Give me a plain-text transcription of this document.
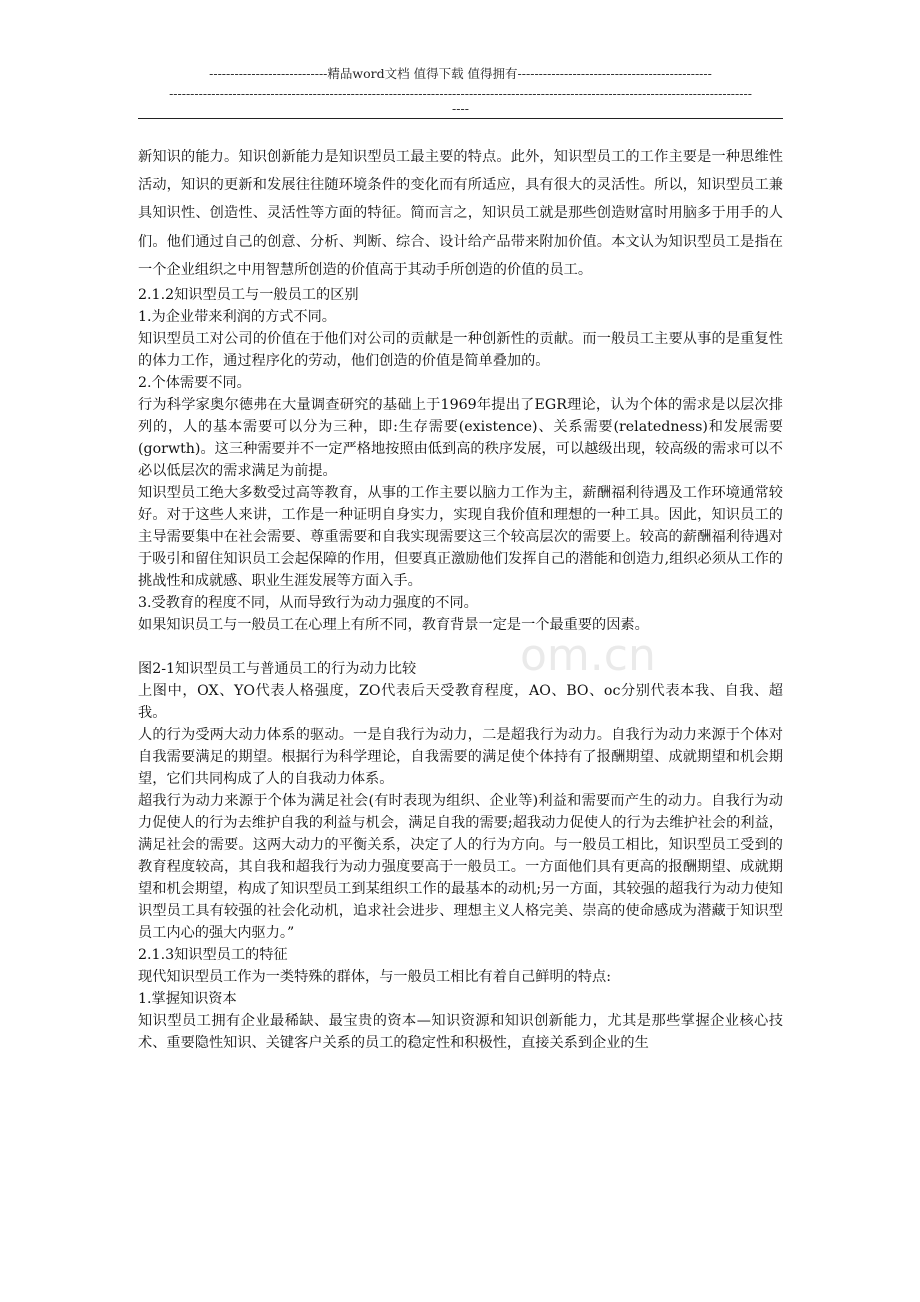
----------------------------精品word文档 值得下载 值得拥有----------------------------------------------
------------------------------------------------------------------------------------------------------------------------------------------
----
om.cn

新知识的能力。知识创新能力是知识型员工最主要的特点。此外，知识型员工的工作主要是一种思维性活动，知识的更新和发展往往随环境条件的变化而有所适应，具有很大的灵活性。所以，知识型员工兼具知识性、创造性、灵活性等方面的特征。简而言之，知识员工就是那些创造财富时用脑多于用手的人们。他们通过自己的创意、分析、判断、综合、设计给产品带来附加价值。本文认为知识型员工是指在一个企业组织之中用智慧所创造的价值高于其动手所创造的价值的员工。

2.1.2知识型员工与一般员工的区别

1.为企业带来利润的方式不同。

知识型员工对公司的价值在于他们对公司的贡献是一种创新性的贡献。而一般员工主要从事的是重复性的体力工作，通过程序化的劳动，他们创造的价值是简单叠加的。

2.个体需要不同。

行为科学家奥尔德弗在大量调查研究的基础上于1969年提出了EGR理论，认为个体的需求是以层次排列的，人的基本需要可以分为三种，即:生存需要(existence)、关系需要(relatedness)和发展需要(gorwth)。这三种需要并不一定严格地按照由低到高的秩序发展，可以越级出现，较高级的需求可以不必以低层次的需求满足为前提。

知识型员工绝大多数受过高等教育，从事的工作主要以脑力工作为主，薪酬福利待遇及工作环境通常较好。对于这些人来讲，工作是一种证明自身实力，实现自我价值和理想的一种工具。因此，知识员工的主导需要集中在社会需要、尊重需要和自我实现需要这三个较高层次的需要上。较高的薪酬福利待遇对于吸引和留住知识员工会起保障的作用，但要真正激励他们发挥自己的潜能和创造力,组织必须从工作的挑战性和成就感、职业生涯发展等方面入手。

3.受教育的程度不同，从而导致行为动力强度的不同。

如果知识员工与一般员工在心理上有所不同，教育背景一定是一个最重要的因素。

图2-1知识型员工与普通员工的行为动力比较

上图中，OX、YO代表人格强度，ZO代表后天受教育程度，AO、BO、oc分别代表本我、自我、超我。

人的行为受两大动力体系的驱动。一是自我行为动力，二是超我行为动力。自我行为动力来源于个体对自我需要满足的期望。根据行为科学理论，自我需要的满足使个体持有了报酬期望、成就期望和机会期望，它们共同构成了人的自我动力体系。

超我行为动力来源于个体为满足社会(有时表现为组织、企业等)利益和需要而产生的动力。自我行为动力促使人的行为去维护自我的利益与机会，满足自我的需要;超我动力促使人的行为去维护社会的利益，满足社会的需要。这两大动力的平衡关系，决定了人的行为方向。与一般员工相比，知识型员工受到的教育程度较高，其自我和超我行为动力强度要高于一般员工。一方面他们具有更高的报酬期望、成就期望和机会期望，构成了知识型员工到某组织工作的最基本的动机;另一方面，其较强的超我行为动力使知识型员工具有较强的社会化动机，追求社会进步、理想主义人格完美、崇高的使命感成为潜藏于知识型员工内心的强大内驱力。”

2.1.3知识型员工的特征

现代知识型员工作为一类特殊的群体，与一般员工相比有着自己鲜明的特点:

1.掌握知识资本

知识型员工拥有企业最稀缺、最宝贵的资本—知识资源和知识创新能力，尤其是那些掌握企业核心技术、重要隐性知识、关键客户关系的员工的稳定性和积极性，直接关系到企业的生
